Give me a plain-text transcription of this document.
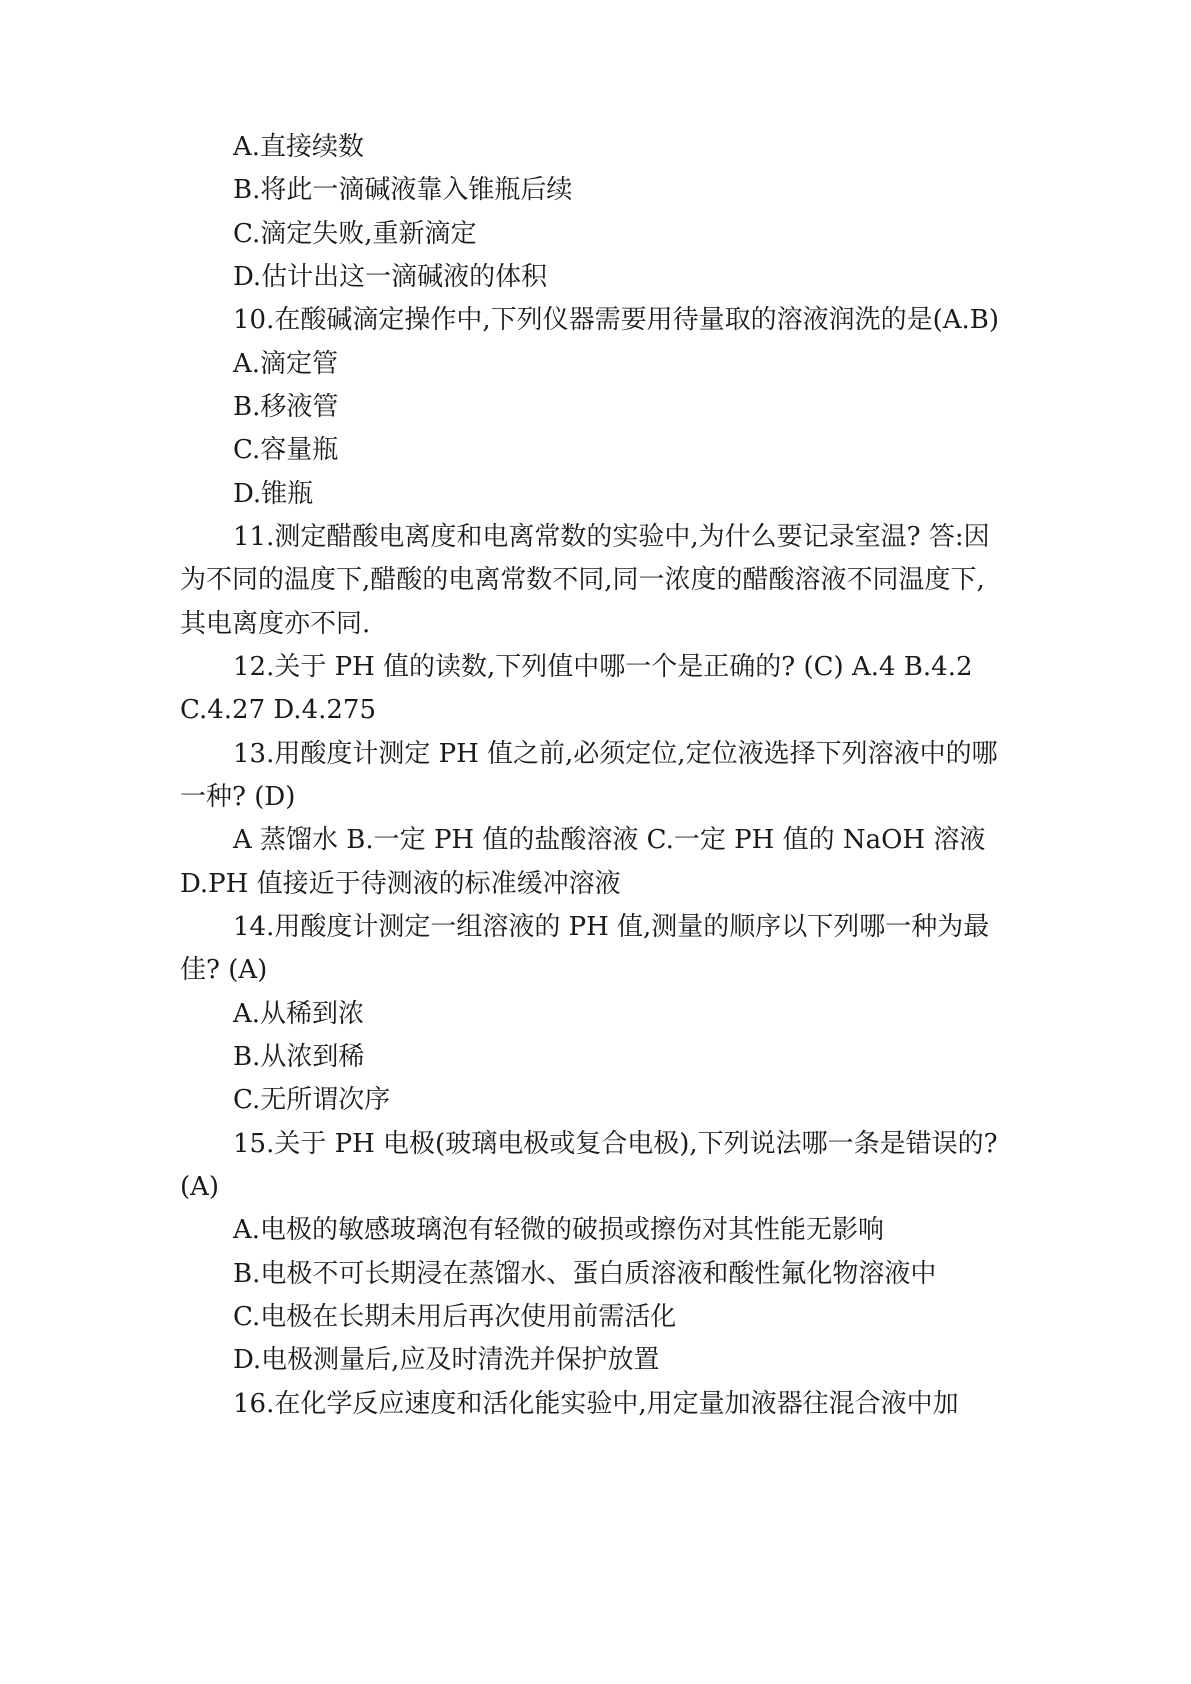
A.直接续数
B.将此一滴碱液靠入锥瓶后续
C.滴定失败,重新滴定
D.估计出这一滴碱液的体积
10.在酸碱滴定操作中,下列仪器需要用待量取的溶液润洗的是(A.B)
A.滴定管
B.移液管
C.容量瓶
D.锥瓶
11.测定醋酸电离度和电离常数的实验中,为什么要记录室温? 答:因
为不同的温度下,醋酸的电离常数不同,同一浓度的醋酸溶液不同温度下,
其电离度亦不同.
12.关于 PH 值的读数,下列值中哪一个是正确的? (C) A.4 B.4.2
C.4.27 D.4.275
13.用酸度计测定 PH 值之前,必须定位,定位液选择下列溶液中的哪
一种? (D)
A 蒸馏水 B.一定 PH 值的盐酸溶液 C.一定 PH 值的 NaOH 溶液
D.PH 值接近于待测液的标准缓冲溶液
14.用酸度计测定一组溶液的 PH 值,测量的顺序以下列哪一种为最
佳? (A)
A.从稀到浓
B.从浓到稀
C.无所谓次序
15.关于 PH 电极(玻璃电极或复合电极),下列说法哪一条是错误的?
(A)
A.电极的敏感玻璃泡有轻微的破损或擦伤对其性能无影响
B.电极不可长期浸在蒸馏水、蛋白质溶液和酸性氟化物溶液中
C.电极在长期未用后再次使用前需活化
D.电极测量后,应及时清洗并保护放置
16.在化学反应速度和活化能实验中,用定量加液器往混合液中加
